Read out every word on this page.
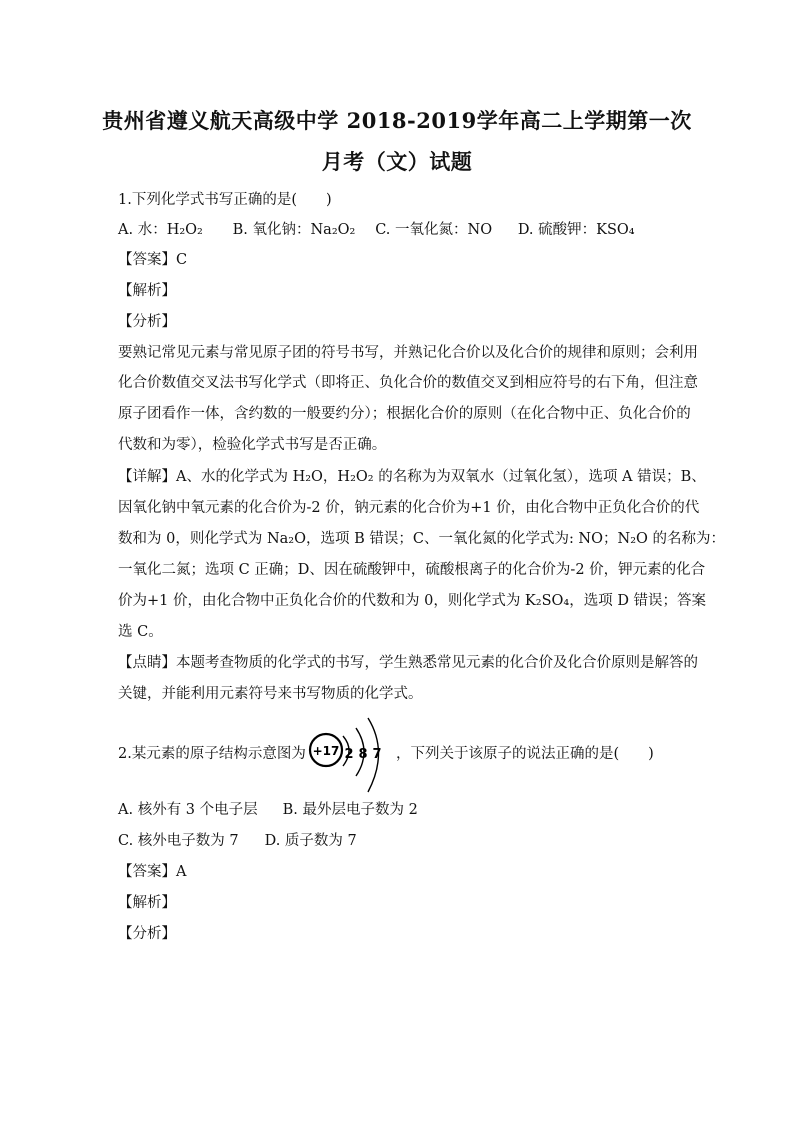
贵州省遵义航天高级中学 2018-2019学年高二上学期第一次
月考（文）试题
1.下列化学式书写正确的是(　　)
A. 水：H₂O₂ B. 氧化钠：Na₂O₂ C. 一氧化氮：NO D. 硫酸钾：KSO₄
【答案】C
【解析】
【分析】
要熟记常见元素与常见原子团的符号书写，并熟记化合价以及化合价的规律和原则；会利用
化合价数值交叉法书写化学式（即将正、负化合价的数值交叉到相应符号的右下角，但注意
原子团看作一体，含约数的一般要约分）；根据化合价的原则（在化合物中正、负化合价的
代数和为零），检验化学式书写是否正确。
【详解】A、水的化学式为 H₂O，H₂O₂ 的名称为为双氧水（过氧化氢），选项 A 错误；B、
因氧化钠中氧元素的化合价为-2 价，钠元素的化合价为+1 价，由化合物中正负化合价的代
数和为 0，则化学式为 Na₂O，选项 B 错误；C、一氧化氮的化学式为: NO；N₂O 的名称为：
一氧化二氮；选项 C 正确；D、因在硫酸钾中，硫酸根离子的化合价为-2 价，钾元素的化合
价为+1 价，由化合物中正负化合价的代数和为 0，则化学式为 K₂SO₄，选项 D 错误；答案
选 C。
【点睛】本题考查物质的化学式的书写，学生熟悉常见元素的化合价及化合价原则是解答的
关键，并能利用元素符号来书写物质的化学式。
2.某元素的原子结构示意图为 +17 2 8 7 ，下列关于该原子的说法正确的是(　　)
A. 核外有 3 个电子层 B. 最外层电子数为 2
C. 核外电子数为 7 D. 质子数为 7
【答案】A
【解析】
【分析】
